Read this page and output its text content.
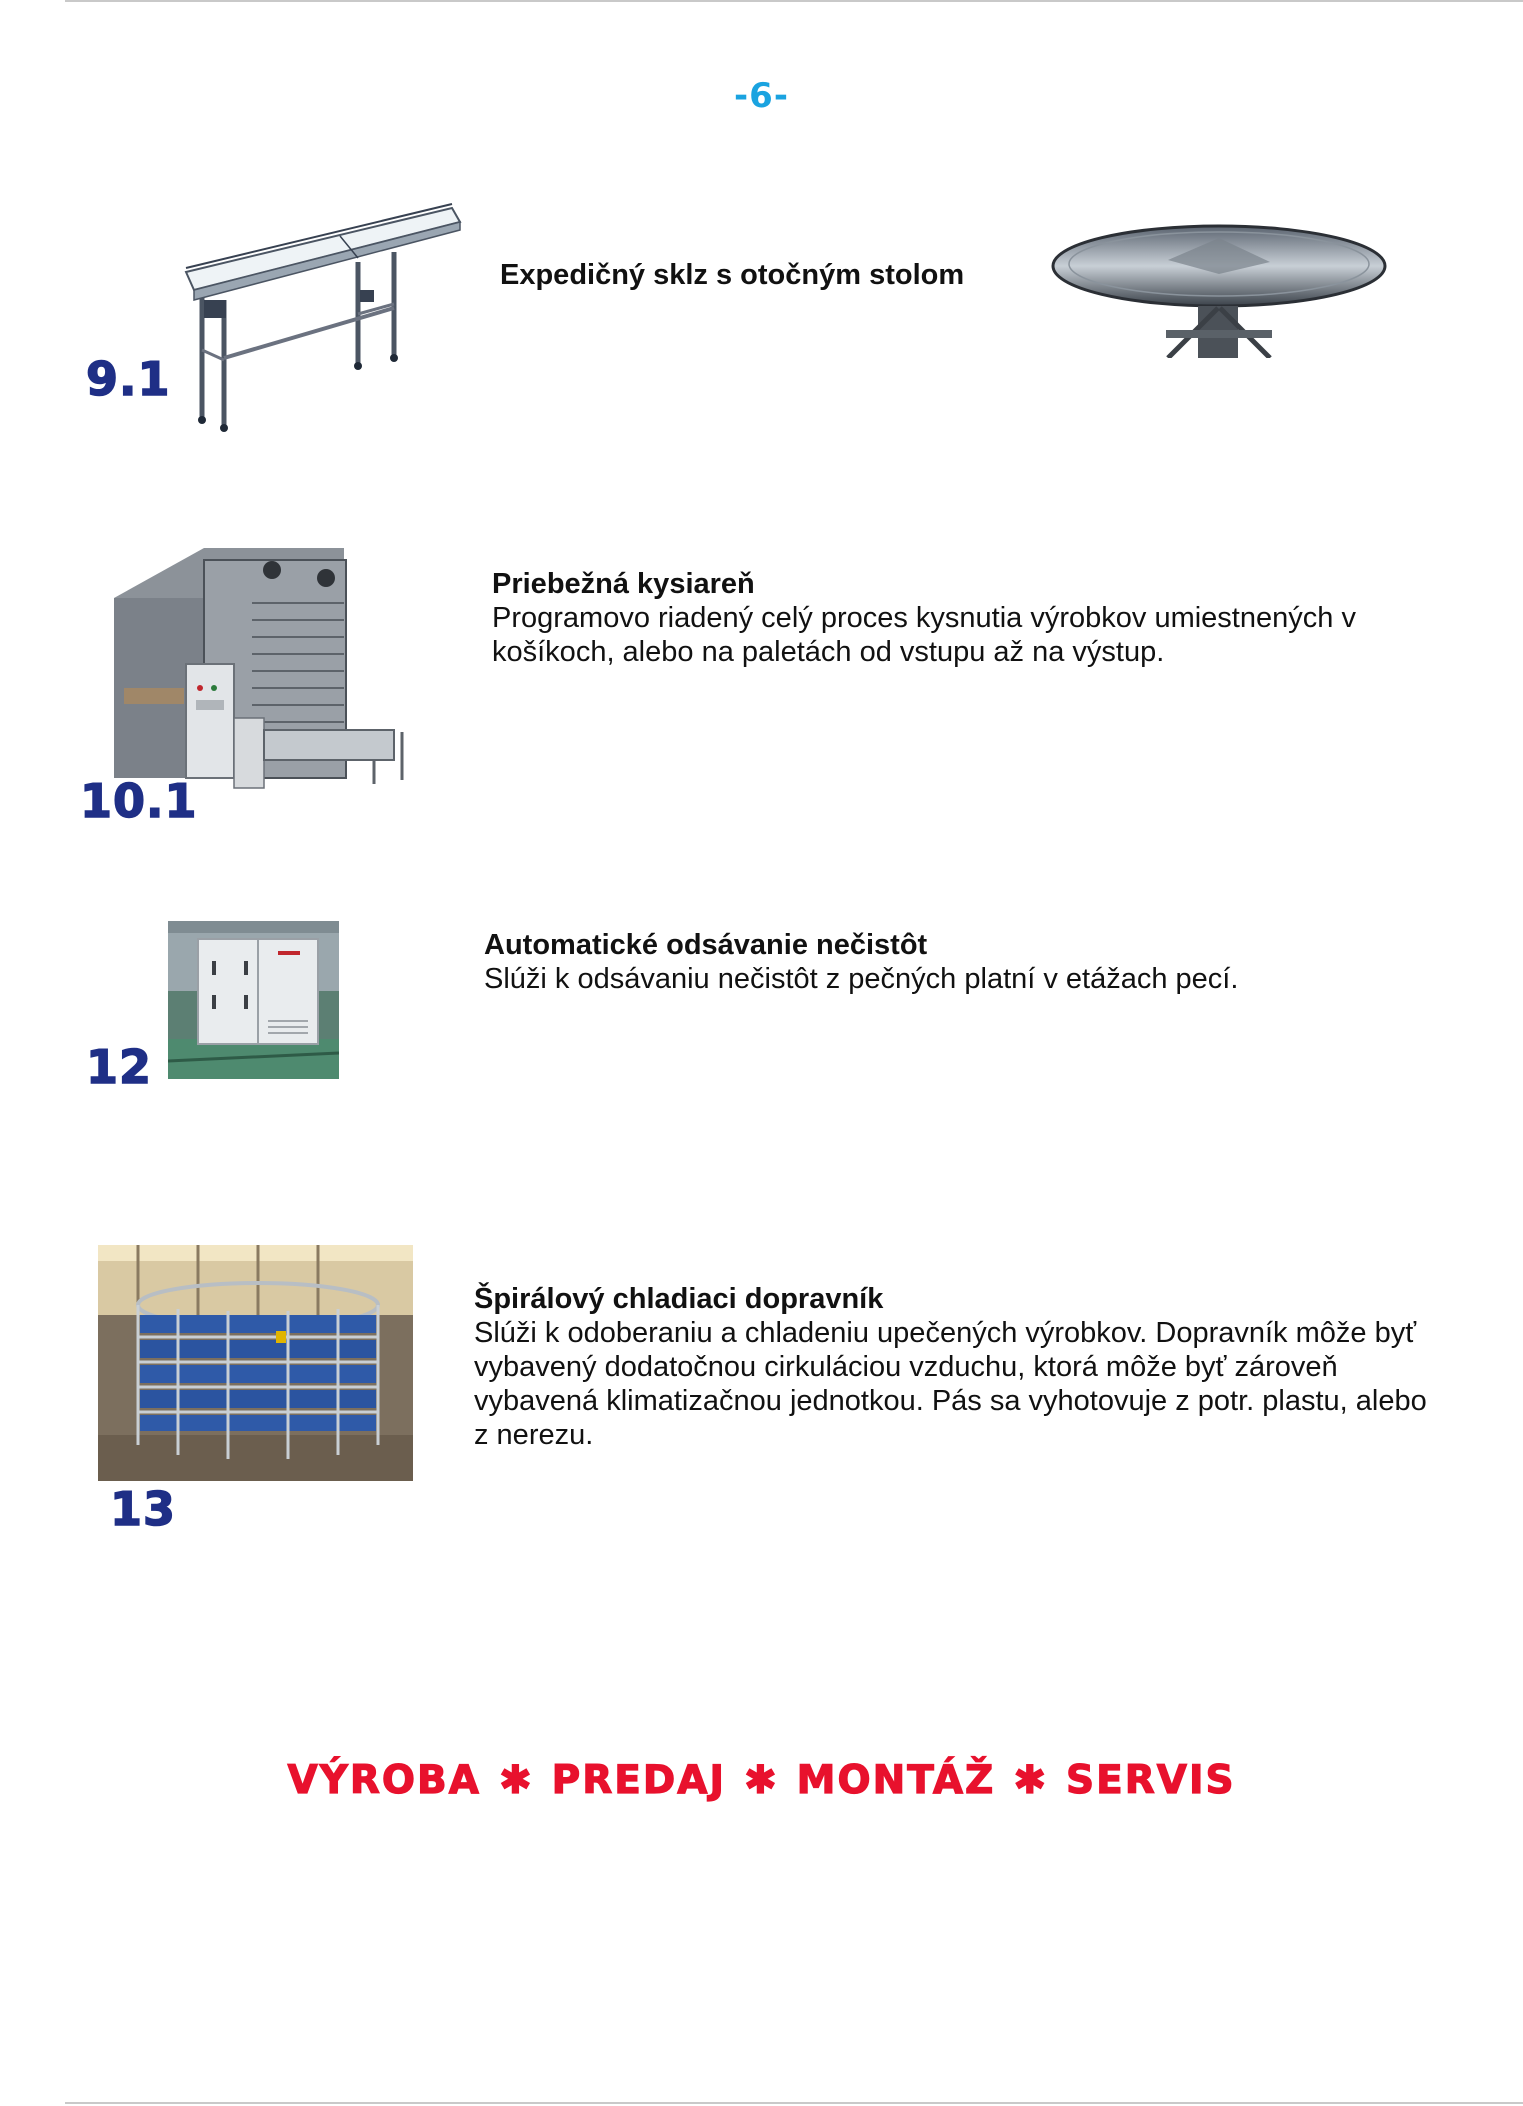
-6-
9.1
Expedičný sklz s otočným stolom
10.1
Priebežná kysiareň
Programovo riadený celý proces kysnutia výrobkov umiestnených v košíkoch, alebo na paletách od vstupu až na výstup.
12
Automatické odsávanie nečistôt
Slúži k odsávaniu nečistôt z pečných platní v etážach pecí.
13
Špirálový chladiaci dopravník
Slúži k odoberaniu a chladeniu upečených výrobkov. Dopravník môže byť vybavený dodatočnou cirkuláciou vzduchu, ktorá môže byť zároveň vybavená klimatizačnou jednotkou. Pás sa vyhotovuje z potr. plastu, alebo z nerezu.
VÝROBA ✱ PREDAJ ✱ MONTÁŽ ✱ SERVIS
